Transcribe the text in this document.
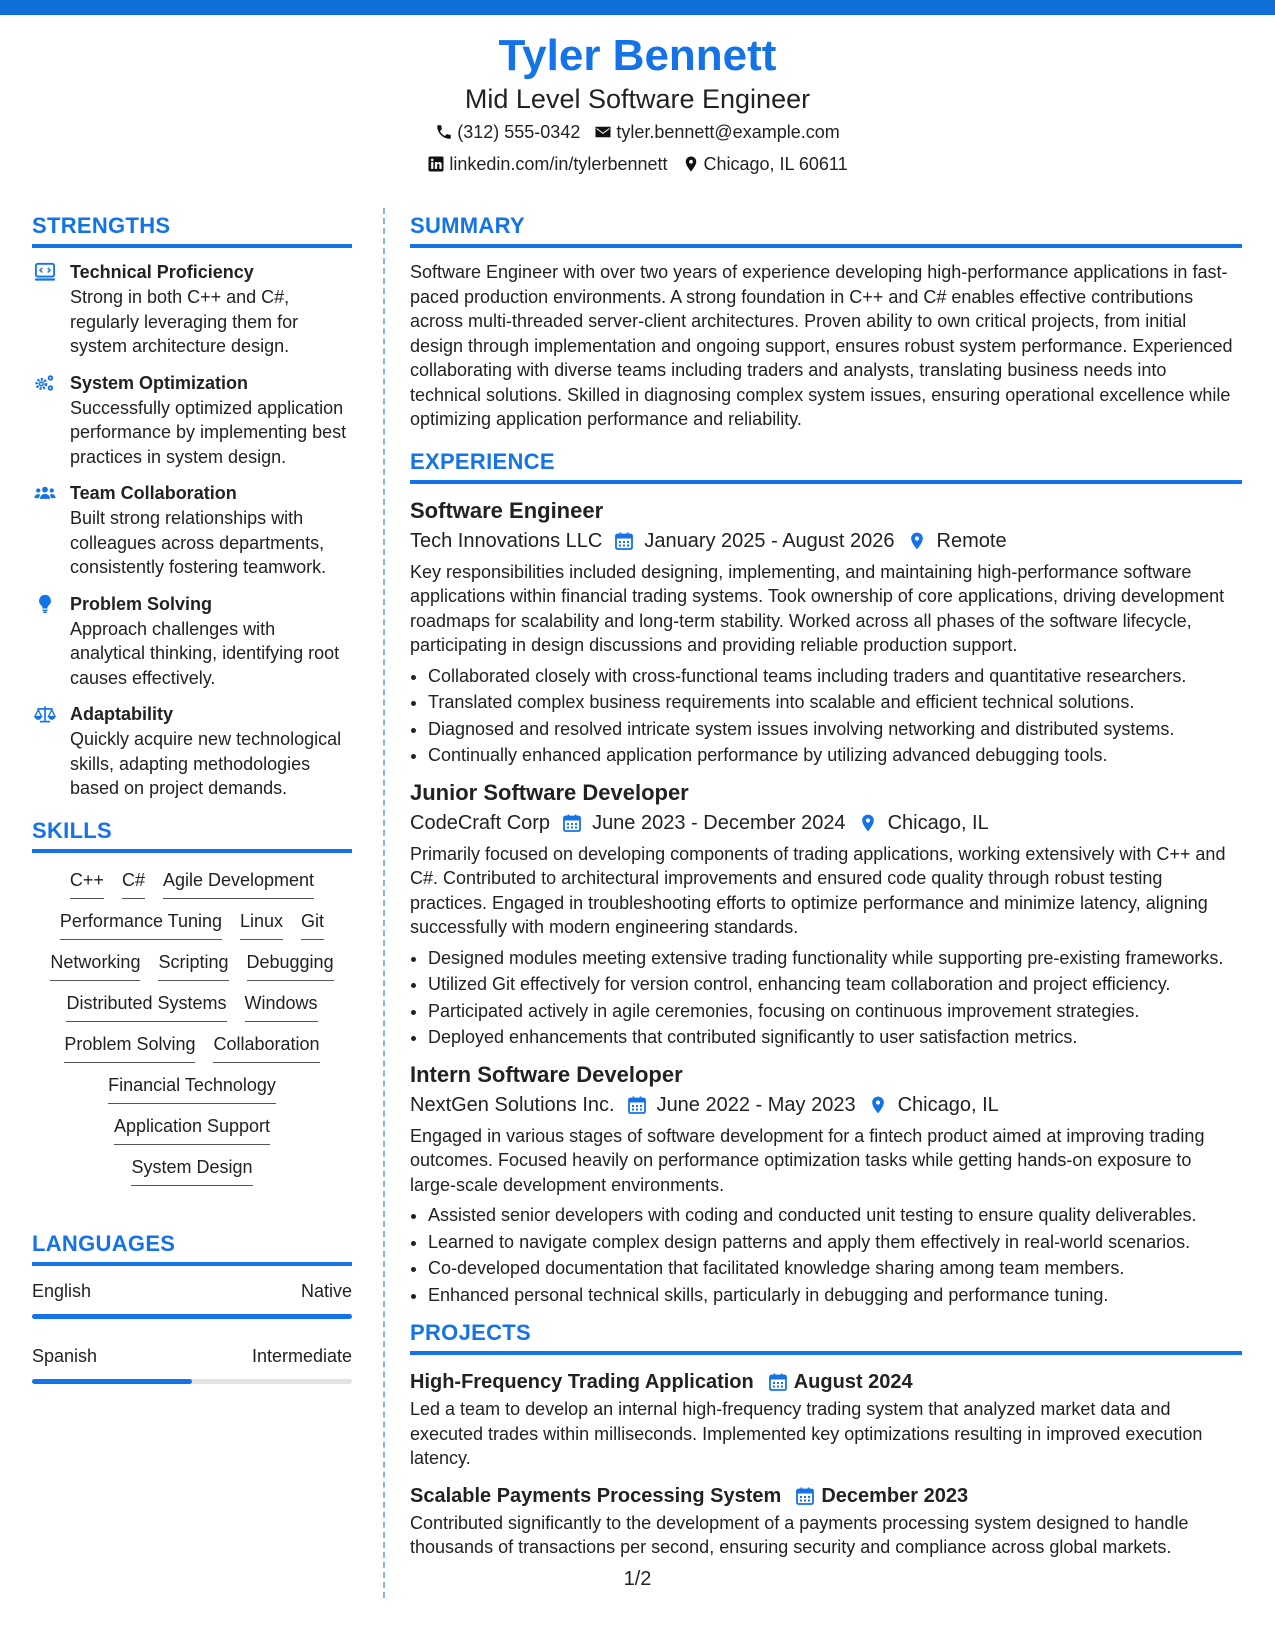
Tyler Bennett
Mid Level Software Engineer
(312) 555-0342 tyler.bennett@example.com
linkedin.com/in/tylerbennett Chicago, IL 60611
STRENGTHS
Technical Proficiency
Strong in both C++ and C#, regularly leveraging them for system architecture design.
System Optimization
Successfully optimized application performance by implementing best practices in system design.
Team Collaboration
Built strong relationships with colleagues across departments, consistently fostering teamwork.
Problem Solving
Approach challenges with analytical thinking, identifying root causes effectively.
Adaptability
Quickly acquire new technological skills, adapting methodologies based on project demands.
SKILLS
C++ C# Agile Development
Performance Tuning Linux Git
Networking Scripting Debugging
Distributed Systems Windows
Problem Solving Collaboration
Financial Technology
Application Support
System Design
LANGUAGES
English	Native
Spanish	Intermediate
SUMMARY

Software Engineer with over two years of experience developing high-performance applications in fast-paced production environments. A strong foundation in C++ and C# enables effective contributions across multi-threaded server-client architectures. Proven ability to own critical projects, from initial design through implementation and ongoing support, ensures robust system performance. Experienced collaborating with diverse teams including traders and analysts, translating business needs into technical solutions. Skilled in diagnosing complex system issues, ensuring operational excellence while optimizing application performance and reliability.

EXPERIENCE
Software Engineer
Tech Innovations LLC January 2025 - August 2026 Remote

Key responsibilities included designing, implementing, and maintaining high-performance software applications within financial trading systems. Took ownership of core applications, driving development roadmaps for scalability and long-term stability. Worked across all phases of the software lifecycle, participating in design discussions and providing reliable production support.

• Collaborated closely with cross-functional teams including traders and quantitative researchers.
• Translated complex business requirements into scalable and efficient technical solutions.
• Diagnosed and resolved intricate system issues involving networking and distributed systems.
• Continually enhanced application performance by utilizing advanced debugging tools.
Junior Software Developer
CodeCraft Corp June 2023 - December 2024 Chicago, IL

Primarily focused on developing components of trading applications, working extensively with C++ and C#. Contributed to architectural improvements and ensured code quality through robust testing practices. Engaged in troubleshooting efforts to optimize performance and minimize latency, aligning successfully with modern engineering standards.

• Designed modules meeting extensive trading functionality while supporting pre-existing frameworks.
• Utilized Git effectively for version control, enhancing team collaboration and project efficiency.
• Participated actively in agile ceremonies, focusing on continuous improvement strategies.
• Deployed enhancements that contributed significantly to user satisfaction metrics.
Intern Software Developer
NextGen Solutions Inc. June 2022 - May 2023 Chicago, IL

Engaged in various stages of software development for a fintech product aimed at improving trading outcomes. Focused heavily on performance optimization tasks while getting hands-on exposure to large-scale development environments.

• Assisted senior developers with coding and conducted unit testing to ensure quality deliverables.
• Learned to navigate complex design patterns and apply them effectively in real-world scenarios.
• Co-developed documentation that facilitated knowledge sharing among team members.
• Enhanced personal technical skills, particularly in debugging and performance tuning.
PROJECTS
High-Frequency Trading Application August 2024

Led a team to develop an internal high-frequency trading system that analyzed market data and executed trades within milliseconds. Implemented key optimizations resulting in improved execution latency.

Scalable Payments Processing System December 2023

Contributed significantly to the development of a payments processing system designed to handle thousands of transactions per second, ensuring security and compliance across global markets.

1/2
